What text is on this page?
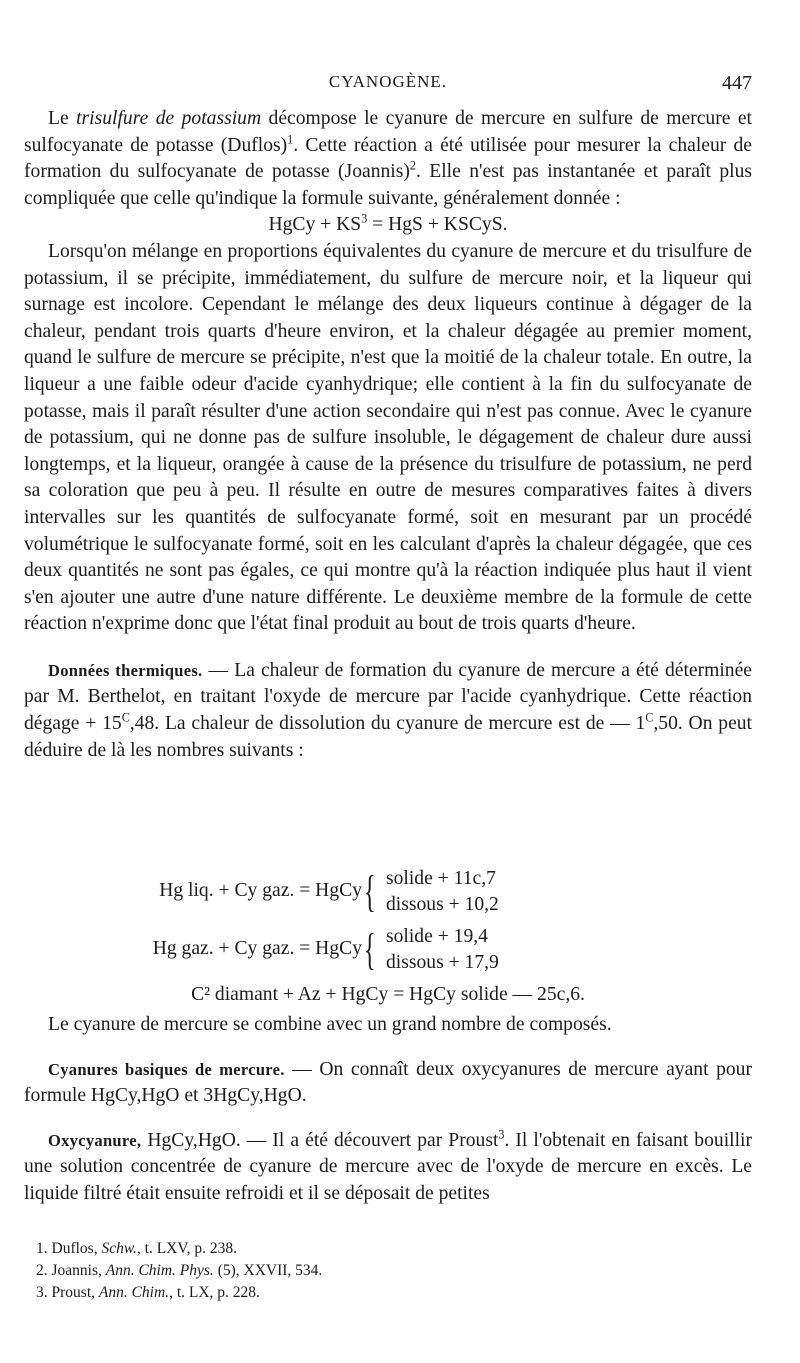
CYANOGÈNE.	447

Le trisulfure de potassium décompose le cyanure de mercure en sulfure de mercure et sulfocyanate de potasse (Duflos)$^1$. Cette réaction a été utilisée pour mesurer la chaleur de formation du sulfocyanate de potasse (Joannis)$^2$. Elle n'est pas instantanée et paraît plus compliquée que celle qu'indique la formule suivante, généralement donnée :

HgCy + $KS^3$ = HgS + KSCyS.

Lorsqu'on mélange en proportions équivalentes du cyanure de mercure et du trisulfure de potassium, il se précipite, immédiatement, du sulfure de mercure noir, et la liqueur qui surnage est incolore. Cependant le mélange des deux liqueurs continue à dégager de la chaleur, pendant trois quarts d'heure environ, et la chaleur dégagée au premier moment, quand le sulfure de mercure se précipite, n'est que la moitié de la chaleur totale. En outre, la liqueur a une faible odeur d'acide cyanhydrique; elle contient à la fin du sulfocyanate de potasse, mais il paraît résulter d'une action secondaire qui n'est pas connue. Avec le cyanure de potassium, qui ne donne pas de sulfure insoluble, le dégagement de chaleur dure aussi longtemps, et la liqueur, orangée à cause de la présence du trisulfure de potassium, ne perd sa coloration que peu à peu. Il résulte en outre de mesures comparatives faites à divers intervalles sur les quantités de sulfocyanate formé, soit en mesurant par un procédé volumétrique le sulfocyanate formé, soit en les calculant d'après la chaleur dégagée, que ces deux quantités ne sont pas égales, ce qui montre qu'à la réaction indiquée plus haut il vient s'en ajouter une autre d'une nature différente. Le deuxième membre de la formule de cette réaction n'exprime donc que l'état final produit au bout de trois quarts d'heure.

Données thermiques. — La chaleur de formation du cyanure de mercure a été déterminée par M. Berthelot, en traitant l'oxyde de mercure par l'acide cyanhydrique. Cette réaction dégage + $15^C,48$. La chaleur de dissolution du cyanure de mercure est de — $1^C,50$. On peut déduire de là les nombres suivants :

Hg liq. + Cy gaz. = HgCy { solide + 11c,7
dissous + 10,2
Hg gaz. + Cy gaz. = HgCy { solide + 19,4
dissous + 17,9
C² diamant + Az + HgCy = HgCy solide — 25c,6.

Le cyanure de mercure se combine avec un grand nombre de composés.

Cyanures basiques de mercure. — On connaît deux oxycyanures de mercure ayant pour formule HgCy,HgO et 3HgCy,HgO.

Oxycyanure, HgCy,HgO. — Il a été découvert par Proust$^3$. Il l'obtenait en faisant bouillir une solution concentrée de cyanure de mercure avec de l'oxyde de mercure en excès. Le liquide filtré était ensuite refroidi et il se déposait de petites

1. Duflos, Schw., t. LXV, p. 238.
2. Joannis, Ann. Chim. Phys. (5), XXVII, 534.
3. Proust, Ann. Chim., t. LX, p. 228.
